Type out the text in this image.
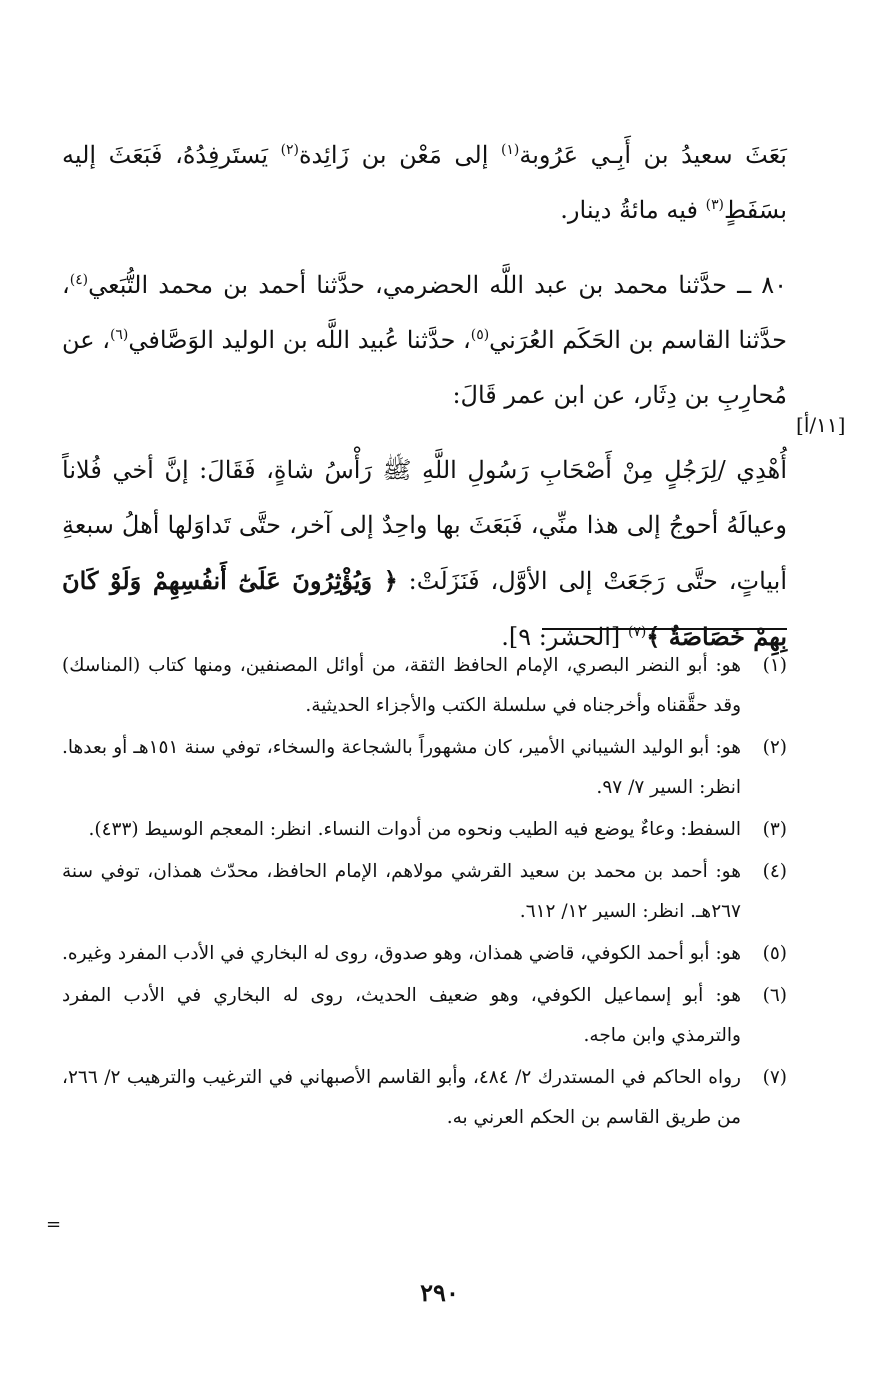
بَعَثَ سعيدُ بن أَبِـي عَرُوبة$^{(١)}$ إلى مَعْن بن زَائِدة$^{(٢)}$ يَستَرفِدُهُ، فَبَعَثَ إليه بسَفَطٍ$^{(٣)}$ فيه مائةُ دينار.

٨٠ ــ حدَّثنا محمد بن عبد اللَّه الحضرمي، حدَّثنا أحمد بن محمد التُّبَعي$^{(٤)}$، حدَّثنا القاسم بن الحَكَم العُرَني$^{(٥)}$، حدَّثنا عُبيد اللَّه بن الوليد الوَصَّافي$^{(٦)}$، عن مُحارِبِ بن دِثَار، عن ابن عمر قَالَ:

أُهْدِي /لِرَجُلٍ مِنْ أَصْحَابِ رَسُولِ اللَّهِ ﷺ رَأْسُ شاةٍ، فَقَالَ: إنَّ أخي فُلاناً وعيالَهُ أحوجُ إلى هذا منِّي، فَبَعَثَ بها واحِدٌ إلى آخر، حتَّى تَداوَلها أهلُ سبعةِ أبياتٍ، حتَّى رَجَعَتْ إلى الأوَّل، فَنَزَلَتْ: ﴿ وَيُؤْثِرُونَ عَلَىٰٓ أَنفُسِهِمْ وَلَوْ كَانَ بِهِمْ خَصَاصَةٌ ﴾$^{(٧)}$ [الحشر: ٩].

[١١/أ]
(١)
هو: أبو النضر البصري، الإمام الحافظ الثقة، من أوائل المصنفين، ومنها كتاب (المناسك) وقد حقَّقناه وأخرجناه في سلسلة الكتب والأجزاء الحديثية.
(٢)
هو: أبو الوليد الشيباني الأمير، كان مشهوراً بالشجاعة والسخاء، توفي سنة ١٥١هـ أو بعدها. انظر: السير ٧/ ٩٧.
(٣)
السفط: وعاءٌ يوضع فيه الطيب ونحوه من أدوات النساء. انظر: المعجم الوسيط (٤٣٣).
(٤)
هو: أحمد بن محمد بن سعيد القرشي مولاهم، الإمام الحافظ، محدّث همذان، توفي سنة ٢٦٧هـ. انظر: السير ١٢/ ٦١٢.
(٥)
هو: أبو أحمد الكوفي، قاضي همذان، وهو صدوق، روى له البخاري في الأدب المفرد وغيره.
(٦)
هو: أبو إسماعيل الكوفي، وهو ضعيف الحديث، روى له البخاري في الأدب المفرد والترمذي وابن ماجه.
(٧)
رواه الحاكم في المستدرك ٢/ ٤٨٤، وأبو القاسم الأصبهاني في الترغيب والترهيب ٢/ ٢٦٦، من طريق القاسم بن الحكم العرني به.
=
٢٩٠
